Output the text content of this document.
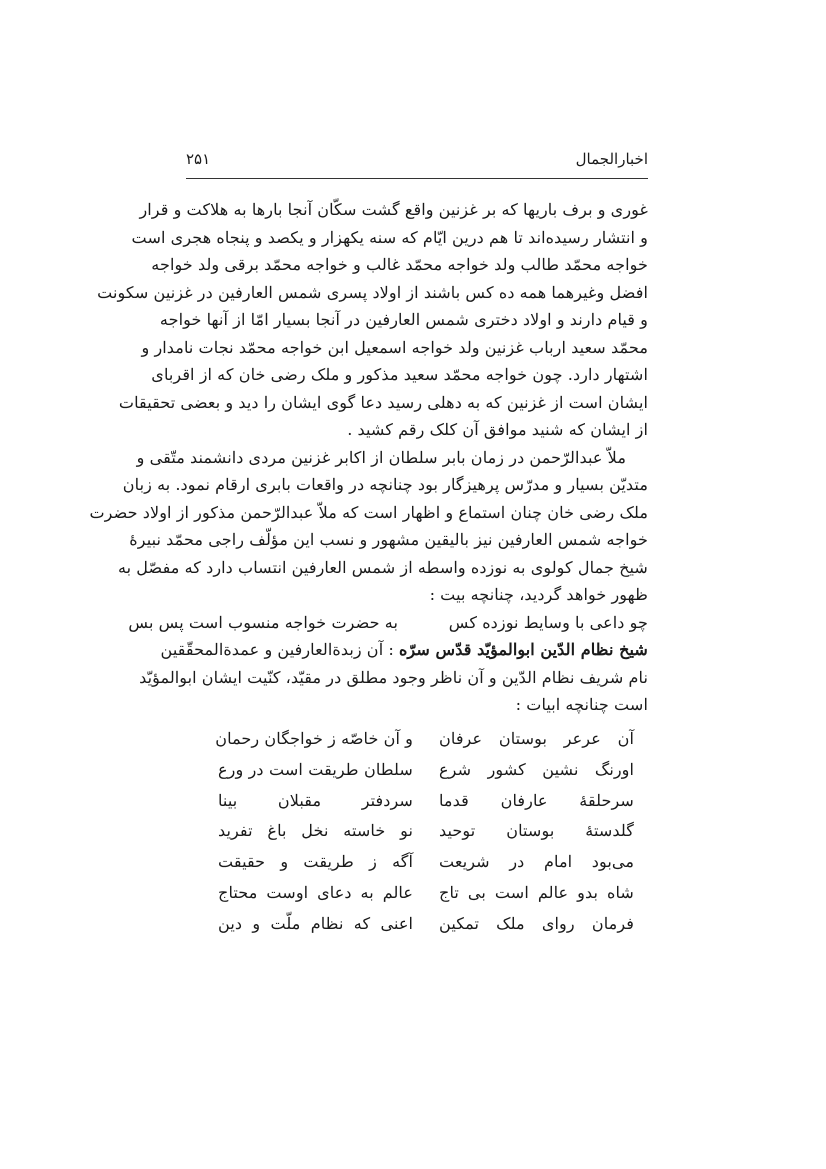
اخبارالجمال
۲۵۱
غوری و برف باریها که بر غزنین واقع گشت سکّان آنجا بارها به هلاکت و قرار
و انتشار رسیده‌اند تا هم درین ایّام که سنه یکهزار و یکصد و پنجاه هجری است
خواجه محمّد طالب ولد خواجه محمّد غالب و خواجه محمّد برقی ولد خواجه
افضل وغیرهما همه ده کس باشند از اولاد پسری شمس العارفین در غزنین سکونت
و قیام دارند و اولاد دختری شمس العارفین در آنجا بسیار امّا از آنها خواجه
محمّد سعید ارباب غزنین ولد خواجه اسمعیل ابن خواجه محمّد نجات نامدار و
اشتهار دارد. چون خواجه محمّد سعید مذکور و ملک رضی خان که از اقربای
ایشان است از غزنین که به دهلی رسید دعا گوی ایشان را دید و بعضی تحقیقات
از ایشان که شنید موافق آن کلک رقم کشید .
ملاّ عبدالرّحمن در زمان بابر سلطان از اکابر غزنین مردی دانشمند متّقی و
متدیّن بسیار و مدرّس پرهیزگار بود چنانچه در واقعات بابری ارقام نمود. به زبان
ملک رضی خان چنان استماع و اظهار است که ملاّ عبدالرّحمن مذکور از اولاد حضرت
خواجه شمس العارفین نیز بالیقین مشهور و نسب این مؤلّف راجی محمّد نبیرهٔ
شیخ جمال کولوی به نوزده واسطه از شمس العارفین انتساب دارد که مفصّل به
ظهور خواهد گردید، چنانچه بیت :
چو داعی با وسایط نوزده کس
به حضرت خواجه منسوب است پس بس
شیخ نظام الدّین ابوالمؤیّد قدّس سرّه : آن زبدةالعارفین و عمدةالمحقّقین
نام شریف نظام الدّین و آن ناظر وجود مطلق در مقیّد، کنّیت ایشان ابوالمؤیّد
است چنانچه ابیات :
آن عرعر بوستان عرفان
و آن خاصّه ز خواجگان رحمان
اورنگ نشین کشور شرع
سلطان طریقت است در ورع
سرحلقهٔ عارفان قدما
سردفتر مقبلان بینا
گلدستهٔ بوستان توحید
نو خاسته نخل باغ تفرید
می‌بود امام در شریعت
آگه ز طریقت و حقیقت
شاه بدو عالم است بی تاج
عالم به دعای اوست محتاج
فرمان روای ملک تمکین
اعنی که نظام ملّت و دین
